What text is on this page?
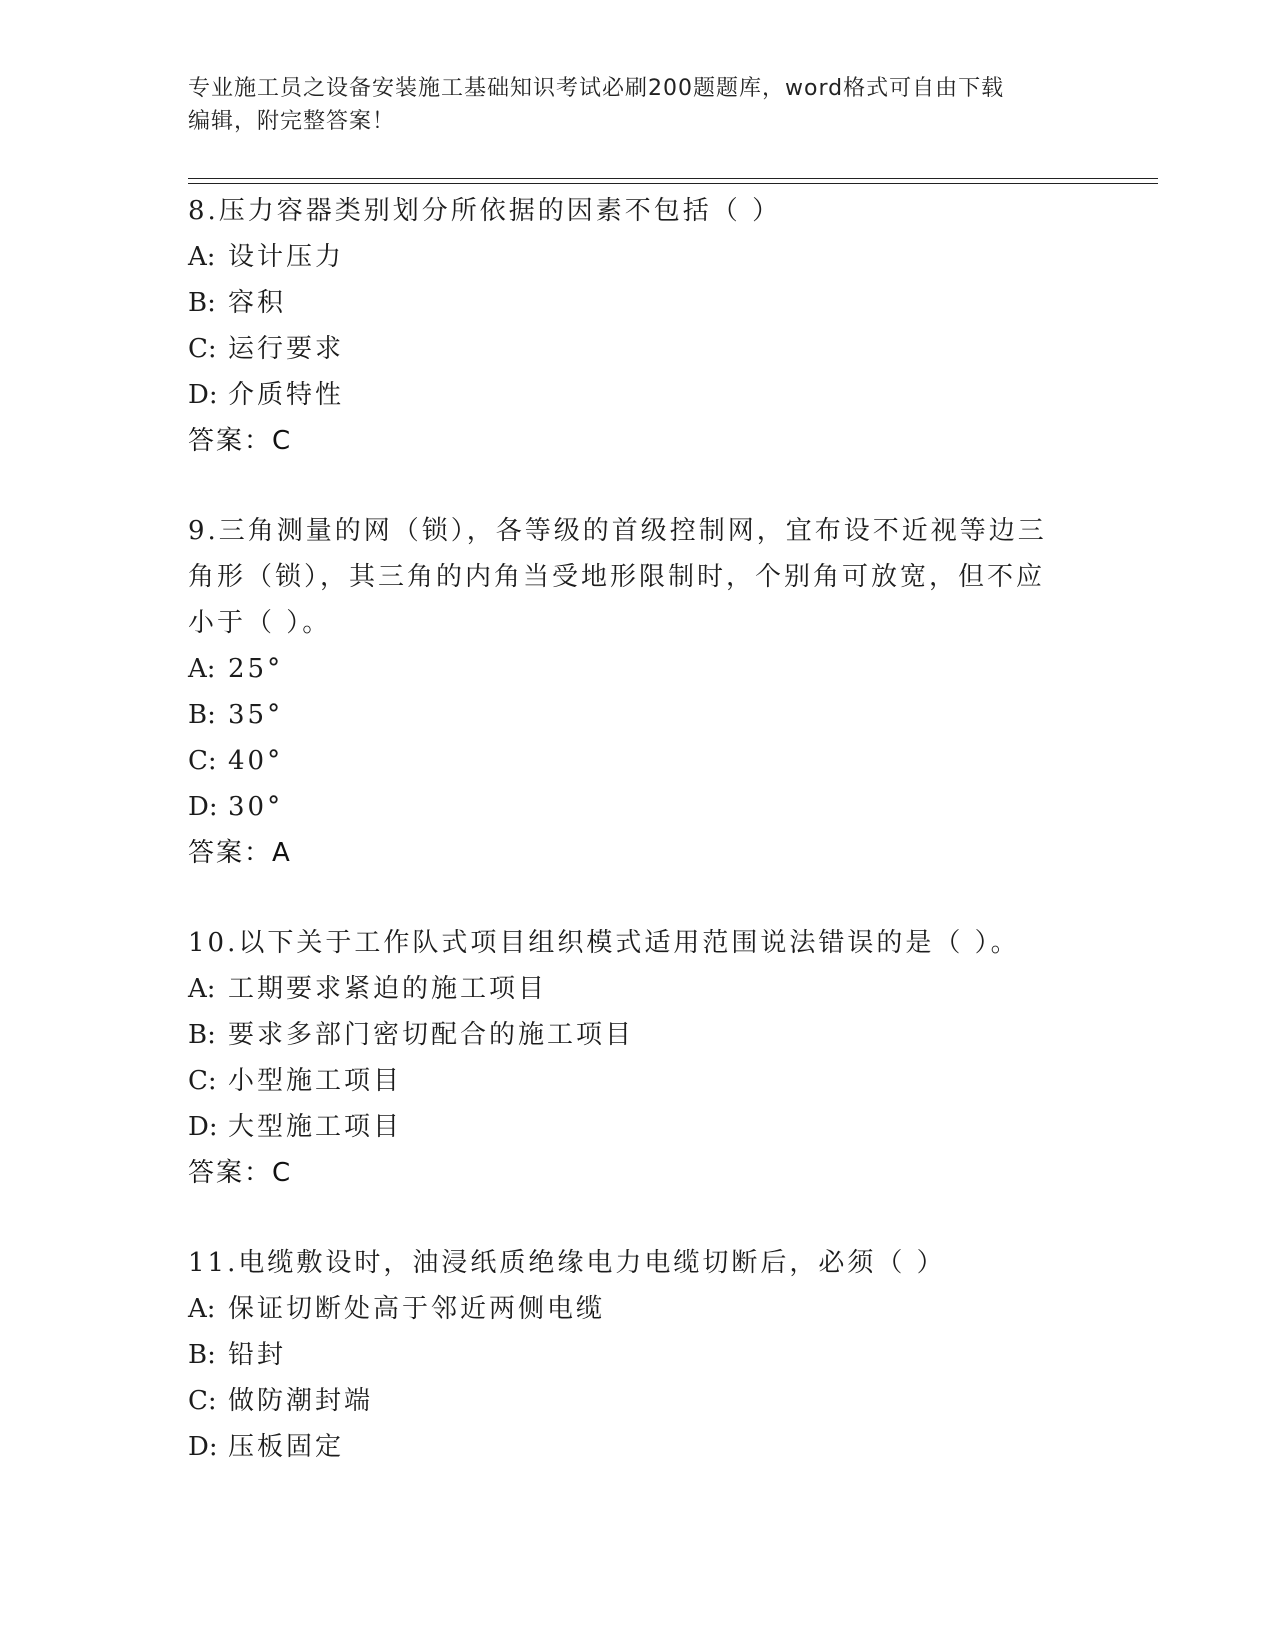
专业施工员之设备安装施工基础知识考试必刷200题题库，word格式可自由下载
编辑，附完整答案！
8.压力容器类别划分所依据的因素不包括（ ）
A: 设计压力
B: 容积
C: 运行要求
D: 介质特性
答案：C
9.三角测量的网（锁），各等级的首级控制网，宜布设不近视等边三
角形（锁），其三角的内角当受地形限制时，个别角可放宽，但不应
小于（ ）。
A: 25°
B: 35°
C: 40°
D: 30°
答案：A
10.以下关于工作队式项目组织模式适用范围说法错误的是（ ）。
A: 工期要求紧迫的施工项目
B: 要求多部门密切配合的施工项目
C: 小型施工项目
D: 大型施工项目
答案：C
11.电缆敷设时，油浸纸质绝缘电力电缆切断后，必须（ ）
A: 保证切断处高于邻近两侧电缆
B: 铅封
C: 做防潮封端
D: 压板固定
